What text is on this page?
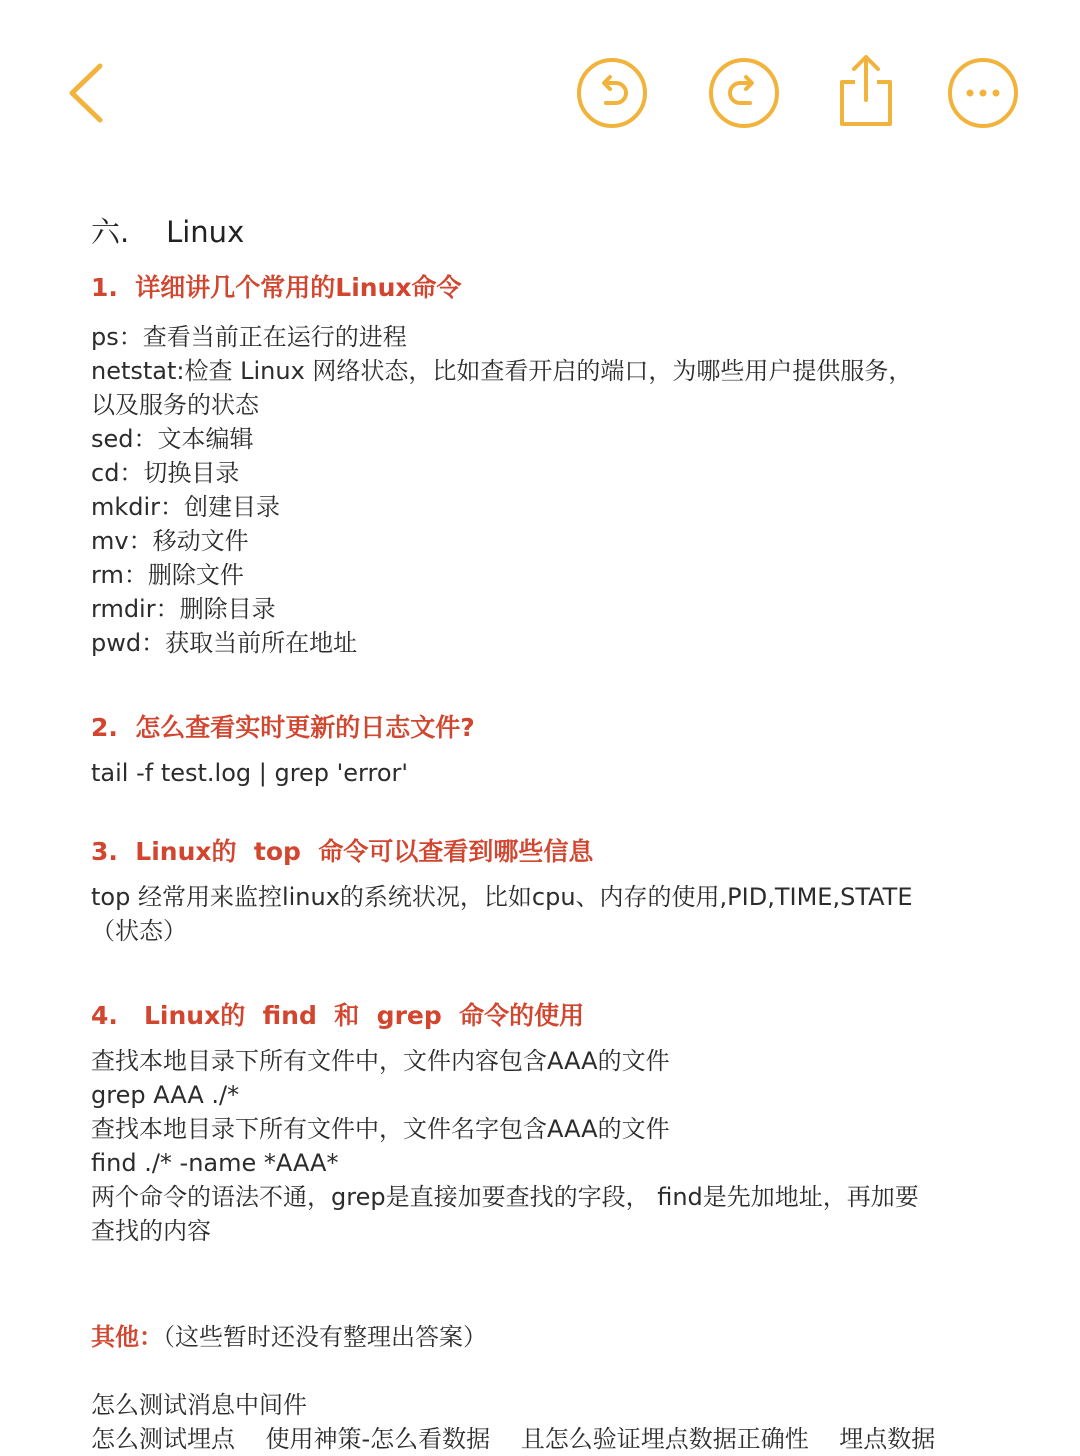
六.    Linux
1.  详细讲几个常用的Linux命令
ps：查看当前正在运行的进程
netstat:检查 Linux 网络状态，比如查看开启的端口，为哪些用户提供服务，
以及服务的状态
sed：文本编辑
cd：切换目录
mkdir：创建目录
mv：移动文件
rm：删除文件
rmdir：删除目录
pwd：获取当前所在地址
2.  怎么查看实时更新的日志文件?
tail -f test.log | grep 'error'
3.  Linux的  top  命令可以查看到哪些信息
top 经常用来监控linux的系统状况，比如cpu、内存的使用,PID,TIME,STATE
（状态）
4.   Linux的  find  和  grep  命令的使用
查找本地目录下所有文件中，文件内容包含AAA的文件
grep AAA ./*
查找本地目录下所有文件中，文件名字包含AAA的文件
find ./* -name *AAA*
两个命令的语法不通，grep是直接加要查找的字段， find是先加地址，再加要
查找的内容
其他：（这些暂时还没有整理出答案）
怎么测试消息中间件
怎么测试埋点    使用神策-怎么看数据    且怎么验证埋点数据正确性    埋点数据
